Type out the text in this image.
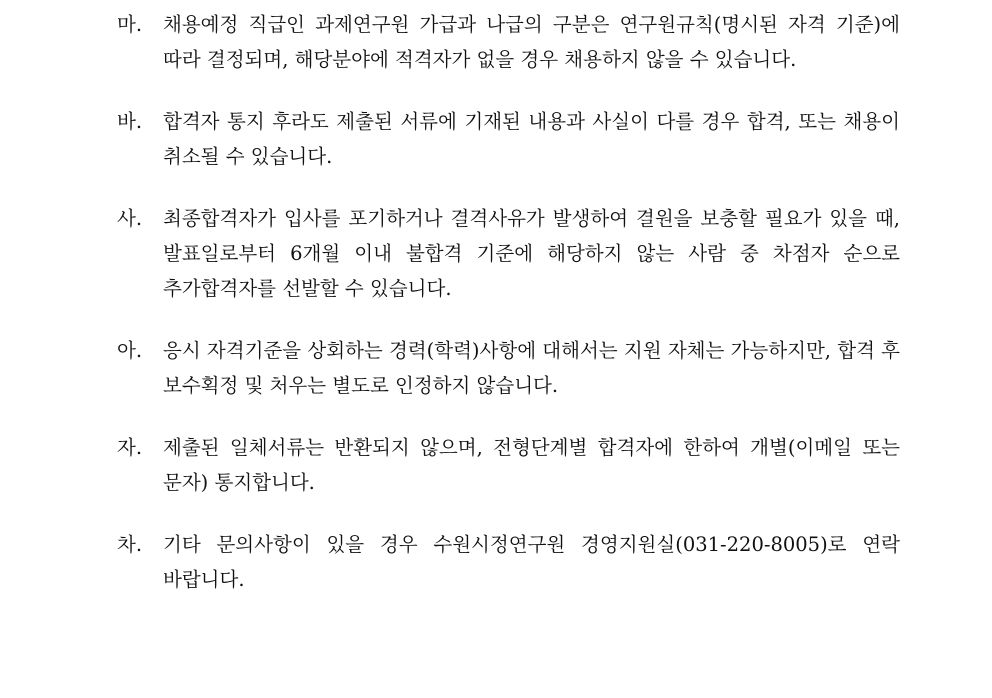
마. 채용예정 직급인 과제연구원 가급과 나급의 구분은 연구원규칙(명시된 자격 기준)에 따라 결정되며, 해당분야에 적격자가 없을 경우 채용하지 않을 수 있습니다.
바. 합격자 통지 후라도 제출된 서류에 기재된 내용과 사실이 다를 경우 합격, 또는 채용이 취소될 수 있습니다.
사. 최종합격자가 입사를 포기하거나 결격사유가 발생하여 결원을 보충할 필요가 있을 때, 발표일로부터 6개월 이내 불합격 기준에 해당하지 않는 사람 중 차점자 순으로 추가합격자를 선발할 수 있습니다.
아. 응시 자격기준을 상회하는 경력(학력)사항에 대해서는 지원 자체는 가능하지만, 합격 후 보수획정 및 처우는 별도로 인정하지 않습니다.
자. 제출된 일체서류는 반환되지 않으며, 전형단계별 합격자에 한하여 개별(이메일 또는 문자) 통지합니다.
차. 기타 문의사항이 있을 경우 수원시정연구원 경영지원실(031-220-8005)로 연락 바랍니다.
